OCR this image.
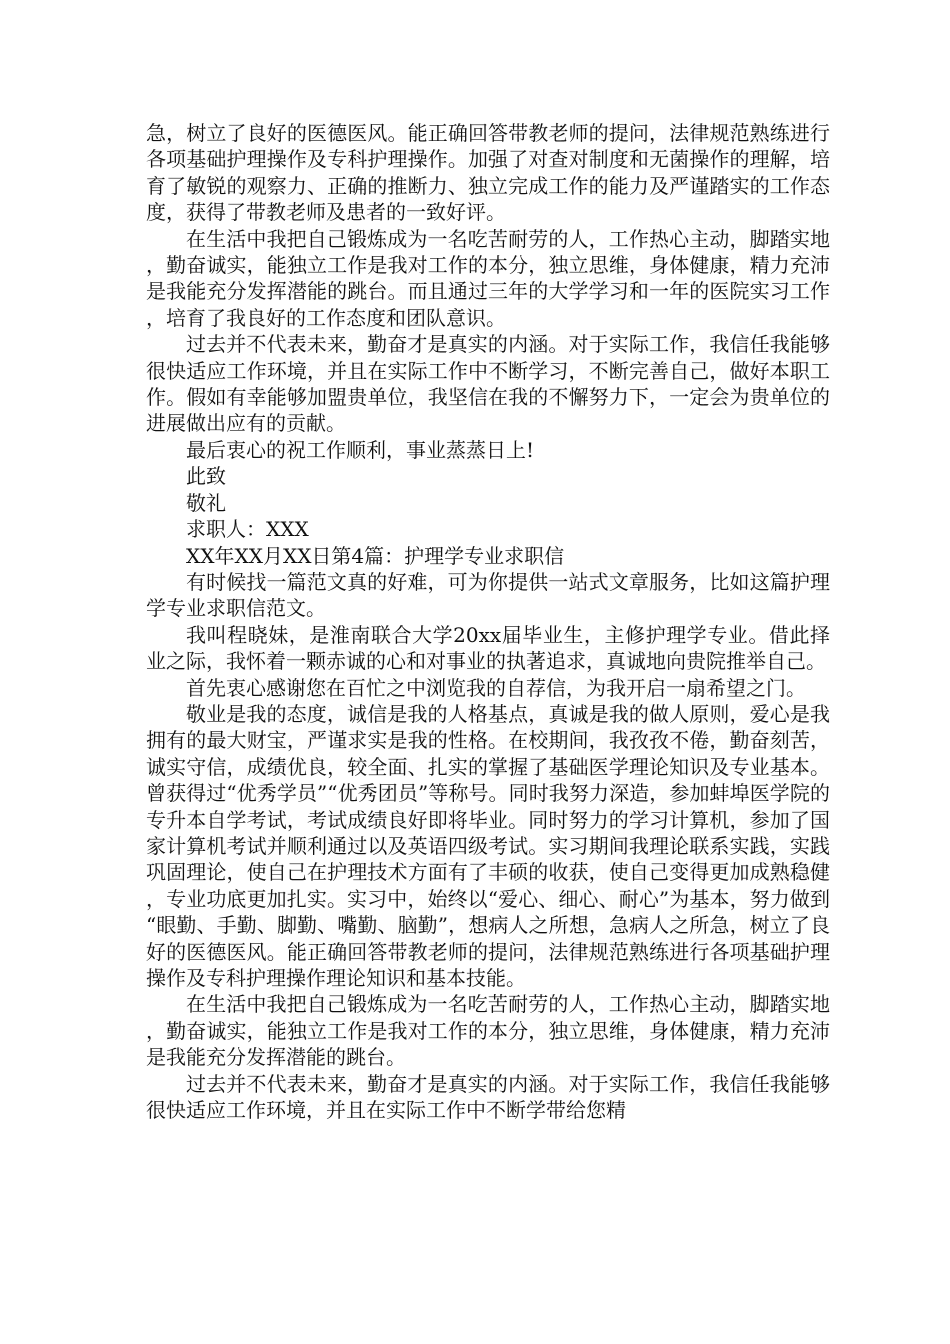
急，树立了良好的医德医风。能正确回答带教老师的提问，法律规范熟练进行各项基础护理操作及专科护理操作。加强了对查对制度和无菌操作的理解，培育了敏锐的观察力、正确的推断力、独立完成工作的能力及严谨踏实的工作态度，获得了带教老师及患者的一致好评。

在生活中我把自己锻炼成为一名吃苦耐劳的人，工作热心主动，脚踏实地，勤奋诚实，能独立工作是我对工作的本分，独立思维，身体健康，精力充沛是我能充分发挥潜能的跳台。而且通过三年的大学学习和一年的医院实习工作，培育了我良好的工作态度和团队意识。

过去并不代表未来，勤奋才是真实的内涵。对于实际工作，我信任我能够很快适应工作环境，并且在实际工作中不断学习，不断完善自己，做好本职工作。假如有幸能够加盟贵单位，我坚信在我的不懈努力下，一定会为贵单位的进展做出应有的贡献。

最后衷心的祝工作顺利，事业蒸蒸日上!

此致

敬礼

求职人：XXX

XX年XX月XX日第4篇：护理学专业求职信

有时候找一篇范文真的好难，可为你提供一站式文章服务，比如这篇护理学专业求职信范文。

我叫程晓妹，是淮南联合大学20xx届毕业生，主修护理学专业。借此择业之际，我怀着一颗赤诚的心和对事业的执著追求，真诚地向贵院推举自己。

首先衷心感谢您在百忙之中浏览我的自荐信，为我开启一扇希望之门。

敬业是我的态度，诚信是我的人格基点，真诚是我的做人原则，爱心是我拥有的最大财宝，严谨求实是我的性格。在校期间，我孜孜不倦，勤奋刻苦，诚实守信，成绩优良，较全面、扎实的掌握了基础医学理论知识及专业基本。曾获得过“优秀学员”“优秀团员”等称号。同时我努力深造，参加蚌埠医学院的专升本自学考试，考试成绩良好即将毕业。同时努力的学习计算机，参加了国家计算机考试并顺利通过以及英语四级考试。实习期间我理论联系实践，实践巩固理论，使自己在护理技术方面有了丰硕的收获，使自己变得更加成熟稳健，专业功底更加扎实。实习中，始终以“爱心、细心、耐心”为基本，努力做到“眼勤、手勤、脚勤、嘴勤、脑勤”，想病人之所想，急病人之所急，树立了良好的医德医风。能正确回答带教老师的提问，法律规范熟练进行各项基础护理操作及专科护理操作理论知识和基本技能。

在生活中我把自己锻炼成为一名吃苦耐劳的人，工作热心主动，脚踏实地，勤奋诚实，能独立工作是我对工作的本分，独立思维，身体健康，精力充沛是我能充分发挥潜能的跳台。

过去并不代表未来，勤奋才是真实的内涵。对于实际工作，我信任我能够很快适应工作环境，并且在实际工作中不断学带给您精
